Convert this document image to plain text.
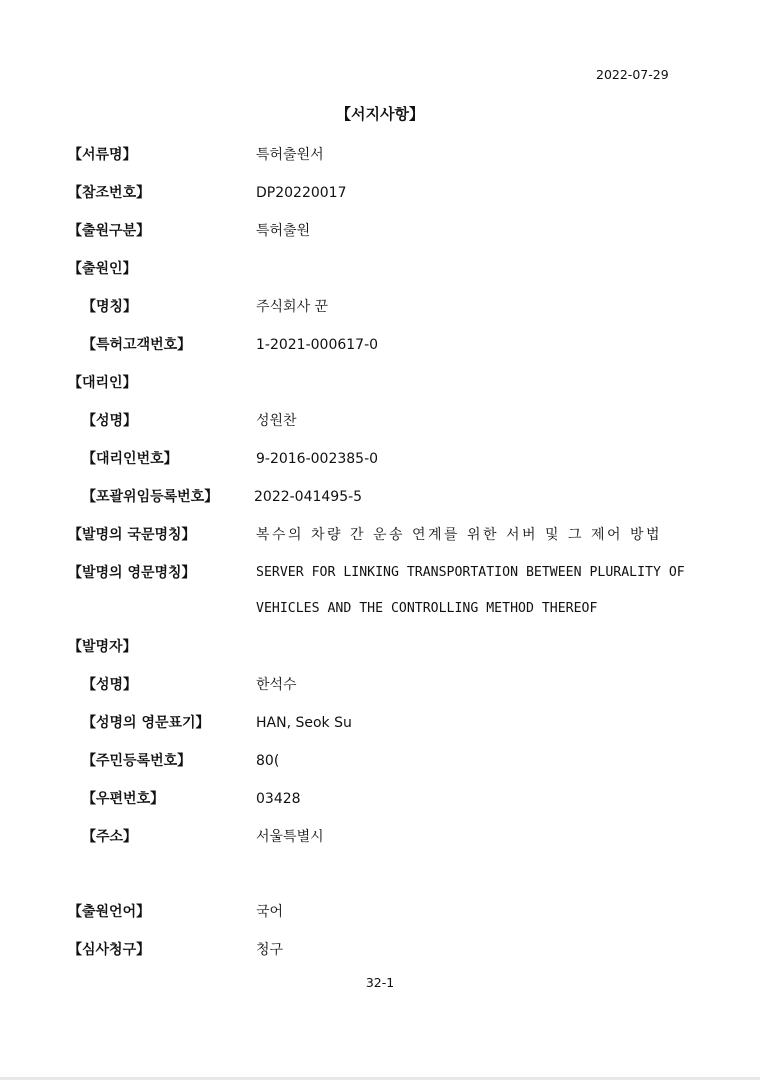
2022-07-29
【서지사항】
【서류명】	특허출원서
【참조번호】	DP20220017
【출원구분】	특허출원
【출원인】
【명칭】	주식회사 꾼
【특허고객번호】	1-2021-000617-0
【대리인】
【성명】	성원찬
【대리인번호】	9-2016-002385-0
【포괄위임등록번호】	2022-041495-5
【발명의 국문명칭】	복수의 차량 간 운송 연계를 위한 서버 및 그 제어 방법
【발명의 영문명칭】	SERVER FOR LINKING TRANSPORTATION BETWEEN PLURALITY OF
VEHICLES AND THE CONTROLLING METHOD THEREOF
【발명자】
【성명】	한석수
【성명의 영문표기】	HAN, Seok Su
【주민등록번호】	80(
【우편번호】	03428
【주소】	서울특별시
【출원언어】	국어
【심사청구】	청구
32-1
